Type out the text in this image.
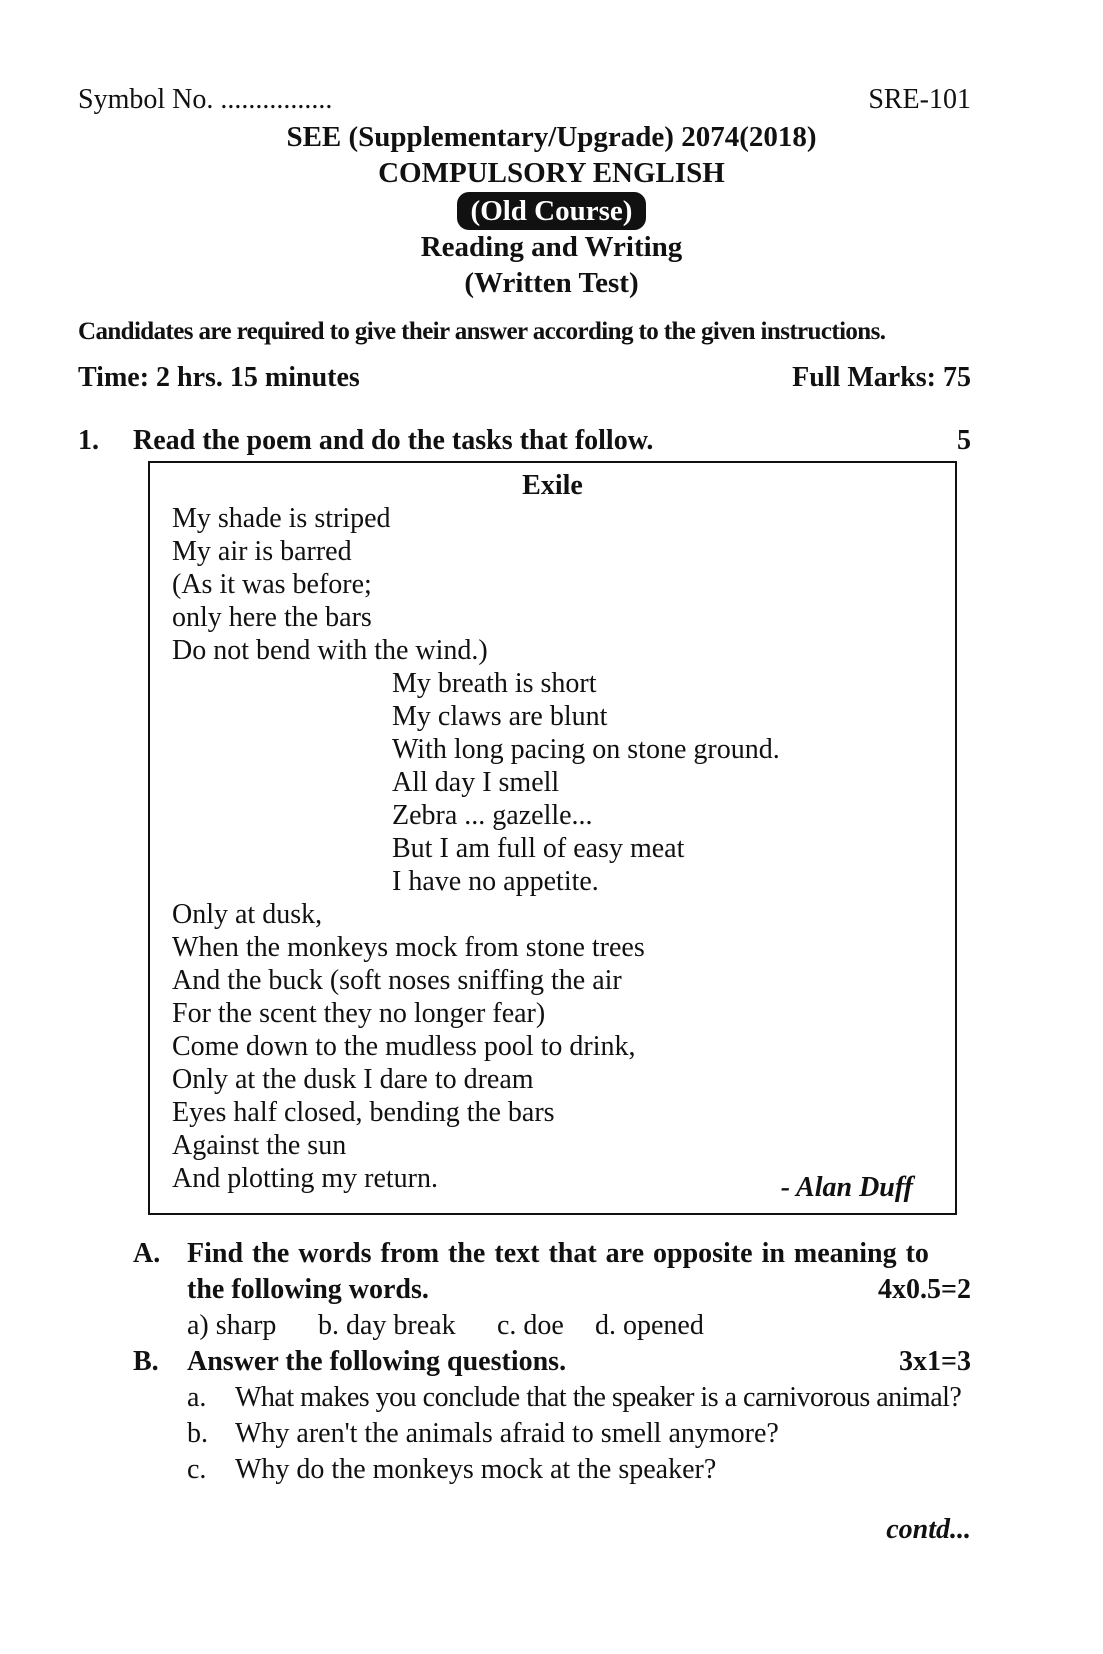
Symbol No. ................	SRE-101
SEE (Supplementary/Upgrade) 2074(2018)
COMPULSORY ENGLISH
(Old Course)
Reading and Writing
(Written Test)
Candidates are required to give their answer according to the given instructions.
Time: 2 hrs. 15 minutes	Full Marks: 75
1. Read the poem and do the tasks that follow.	5
Exile
My shade is striped
My air is barred
(As it was before;
only here the bars
Do not bend with the wind.)
My breath is short
My claws are blunt
With long pacing on stone ground.
All day I smell
Zebra ... gazelle...
But I am full of easy meat
I have no appetite.
Only at dusk,
When the monkeys mock from stone trees
And the buck (soft noses sniffing the air
For the scent they no longer fear)
Come down to the mudless pool to drink,
Only at the dusk I dare to dream
Eyes half closed, bending the bars
Against the sun
And plotting my return.	- Alan Duff
A. Find the words from the text that are opposite in meaning to
the following words.	4x0.5=2
a) sharp b. day break c. doe d. opened
B. Answer the following questions.	3x1=3
a. What makes you conclude that the speaker is a carnivorous animal?
b. Why aren't the animals afraid to smell anymore?
c. Why do the monkeys mock at the speaker?
contd...
